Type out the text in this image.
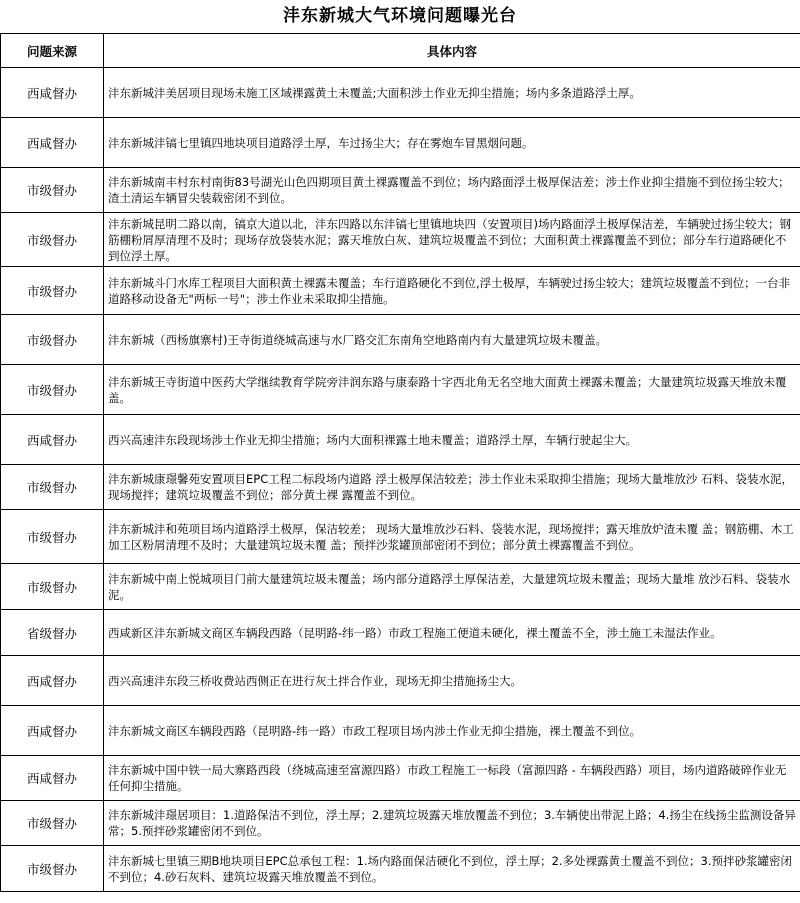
沣东新城大气环境问题曝光台
问题来源	具体内容
西咸督办	沣东新城沣美居项目现场未施工区域裸露黄土未覆盖;大面积涉土作业无抑尘措施；场内多条道路浮土厚。
西咸督办	沣东新城沣镐七里镇四地块项目道路浮土厚，车过扬尘大；存在雾炮车冒黑烟问题。
市级督办	沣东新城南丰村东村南街83号湖光山色四期项目黄土裸露覆盖不到位；场内路面浮土极厚保洁差；涉土作业抑尘措施不到位扬尘较大；渣土清运车辆冒尖装载密闭不到位。
市级督办	沣东新城昆明二路以南，镐京大道以北，沣东四路以东沣镐七里镇地块四（安置项目)场内路面浮土极厚保洁差，车辆驶过扬尘较大；钢筋棚粉屑厚清理不及时；现场存放袋装水泥；露天堆放白灰、建筑垃圾覆盖不到位；大面积黄土裸露覆盖不到位；部分车行道路硬化不到位浮土厚。
市级督办	沣东新城斗门水库工程项目大面积黄土裸露未覆盖；车行道路硬化不到位,浮土极厚，车辆驶过扬尘较大；建筑垃圾覆盖不到位；一台非道路移动设备无"两标一号"；涉土作业未采取抑尘措施。
市级督办	沣东新城（西杨旗寨村)王寺街道绕城高速与水厂路交汇东南角空地路南内有大量建筑垃圾未覆盖。
市级督办	沣东新城王寺街道中医药大学继续教育学院旁沣润东路与康泰路十字西北角无名空地大面黄土裸露未覆盖；大量建筑垃圾露天堆放未覆盖。
西咸督办	西兴高速沣东段现场涉土作业无抑尘措施；场内大面积裸露土地未覆盖；道路浮土厚，车辆行驶起尘大。
市级督办	沣东新城康璟馨苑安置项目EPC工程二标段场内道路 浮土极厚保洁较差；涉土作业未采取抑尘措施；现场大量堆放沙 石料、袋装水泥，现场搅拌；建筑垃圾覆盖不到位；部分黄土裸 露覆盖不到位。
市级督办	沣东新城沣和苑项目场内道路浮土极厚，保洁较差； 现场大量堆放沙石料、袋装水泥，现场搅拌；露天堆放炉渣未覆 盖；钢筋棚、木工加工区粉屑清理不及时；大量建筑垃圾未覆 盖；预拌沙浆罐顶部密闭不到位；部分黄土裸露覆盖不到位。
市级督办	沣东新城中南上悦城项目门前大量建筑垃圾未覆盖；场内部分道路浮土厚保洁差，大量建筑垃圾未覆盖；现场大量堆 放沙石料、袋装水泥。
省级督办	西咸新区沣东新城文商区车辆段西路（昆明路-纬一路）市政工程施工便道未硬化，裸土覆盖不全，涉土施工未湿法作业。
西咸督办	西兴高速沣东段三桥收费站西侧正在进行灰土拌合作业，现场无抑尘措施扬尘大。
西咸督办	沣东新城文商区车辆段西路（昆明路-纬一路）市政工程项目场内涉土作业无抑尘措施，裸土覆盖不到位。
西咸督办	沣东新城中国中铁一局大寨路西段（绕城高速至富源四路）市政工程施工一标段（富源四路 - 车辆段西路）项目，场内道路破碎作业无任何抑尘措施。
市级督办	沣东新城沣璟居项目：1.道路保洁不到位，浮土厚；2.建筑垃圾露天堆放覆盖不到位；3.车辆使出带泥上路；4.扬尘在线扬尘监测设备异常；5.预拌砂浆罐密闭不到位。
市级督办	沣东新城七里镇三期B地块项目EPC总承包工程：1.场内路面保洁硬化不到位，浮土厚；2.多处裸露黄土覆盖不到位；3.预拌砂浆罐密闭不到位；4.砂石灰料、建筑垃圾露天堆放覆盖不到位。
